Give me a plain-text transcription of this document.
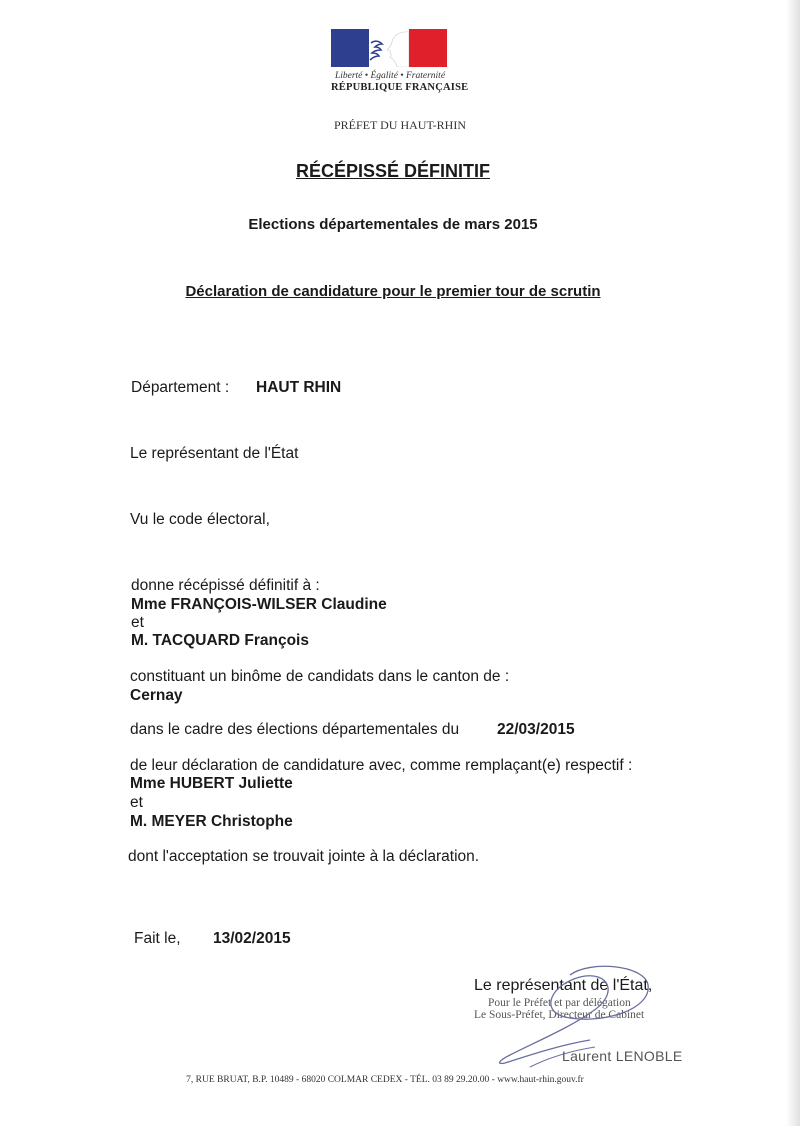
Liberté • Égalité • Fraternité
RÉPUBLIQUE FRANÇAISE
PRÉFET DU HAUT-RHIN
RÉCÉPISSÉ DÉFINITIF
Elections départementales de mars 2015
Déclaration de candidature pour le premier tour de scrutin
Département : HAUT RHIN
Le représentant de l'État
Vu le code électoral,
donne récépissé définitif à :
Mme FRANÇOIS-WILSER Claudine
et
M. TACQUARD François
constituant un binôme de candidats dans le canton de :
Cernay
dans le cadre des élections départementales du 22/03/2015
de leur déclaration de candidature avec, comme remplaçant(e) respectif :
Mme HUBERT Juliette
et
M. MEYER Christophe
dont l'acceptation se trouvait jointe à la déclaration.
Fait le, 13/02/2015
Le représentant de l'État,
Pour le Préfet et par délégation
Le Sous-Préfet, Directeur de Cabinet
Laurent LENOBLE
7, RUE BRUAT, B.P. 10489 - 68020 COLMAR CEDEX - TÉL. 03 89 29.20.00 - www.haut-rhin.gouv.fr
